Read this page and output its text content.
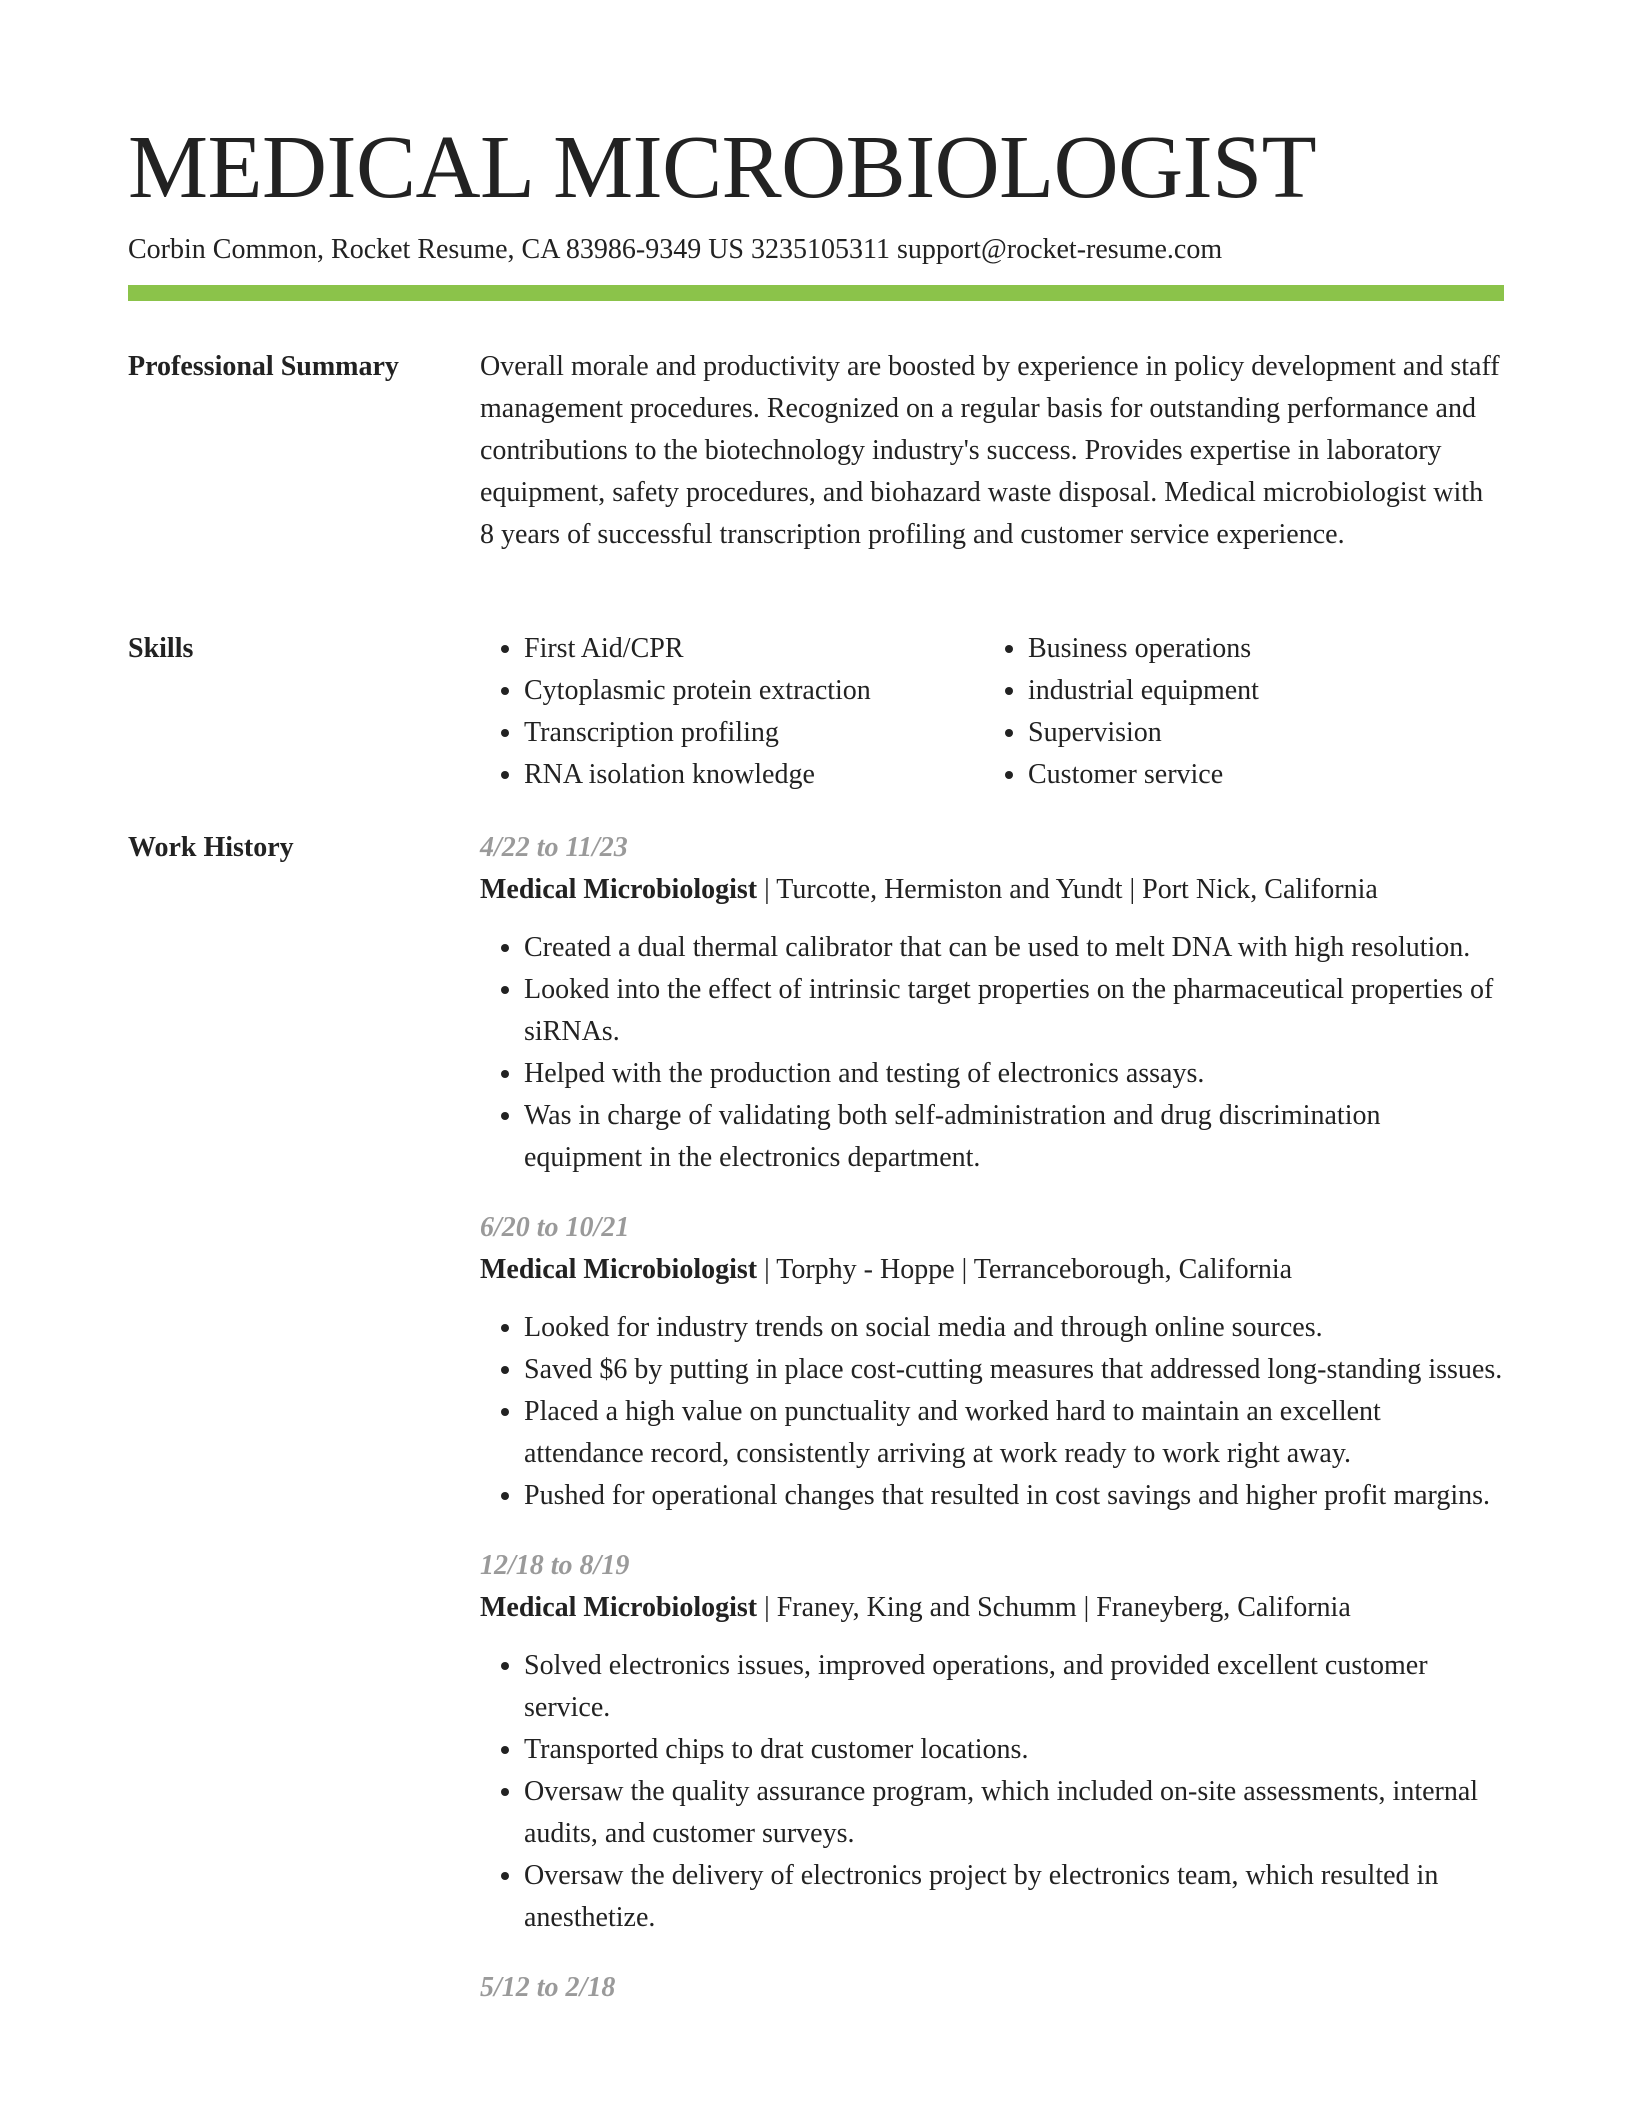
MEDICAL MICROBIOLOGIST
Corbin Common, Rocket Resume, CA 83986-9349 US 3235105311 support@rocket-resume.com
Professional Summary	Overall morale and productivity are boosted by experience in policy development and staff management procedures. Recognized on a regular basis for outstanding performance and contributions to the biotechnology industry's success. Provides expertise in laboratory equipment, safety procedures, and biohazard waste disposal. Medical microbiologist with 8 years of successful transcription profiling and customer service experience.

Skills
•	First Aid/CPR
• Cytoplasmic protein extraction
• Transcription profiling
• RNA isolation knowledge
• Business operations
• industrial equipment
• Supervision
• Customer service
Work History	4/22 to 11/23
Medical Microbiologist | Turcotte, Hermiston and Yundt | Port Nick, California
• Created a dual thermal calibrator that can be used to melt DNA with high resolution.
• Looked into the effect of intrinsic target properties on the pharmaceutical properties of siRNAs.
• Helped with the production and testing of electronics assays.
• Was in charge of validating both self-administration and drug discrimination equipment in the electronics department.
6/20 to 10/21
Medical Microbiologist | Torphy - Hoppe | Terranceborough, California
• Looked for industry trends on social media and through online sources.
• Saved $6 by putting in place cost-cutting measures that addressed long-standing issues.
• Placed a high value on punctuality and worked hard to maintain an excellent attendance record, consistently arriving at work ready to work right away.
• Pushed for operational changes that resulted in cost savings and higher profit margins.
12/18 to 8/19
Medical Microbiologist | Franey, King and Schumm | Franeyberg, California
• Solved electronics issues, improved operations, and provided excellent customer service.
• Transported chips to drat customer locations.
• Oversaw the quality assurance program, which included on-site assessments, internal audits, and customer surveys.
• Oversaw the delivery of electronics project by electronics team, which resulted in anesthetize.
5/12 to 2/18
